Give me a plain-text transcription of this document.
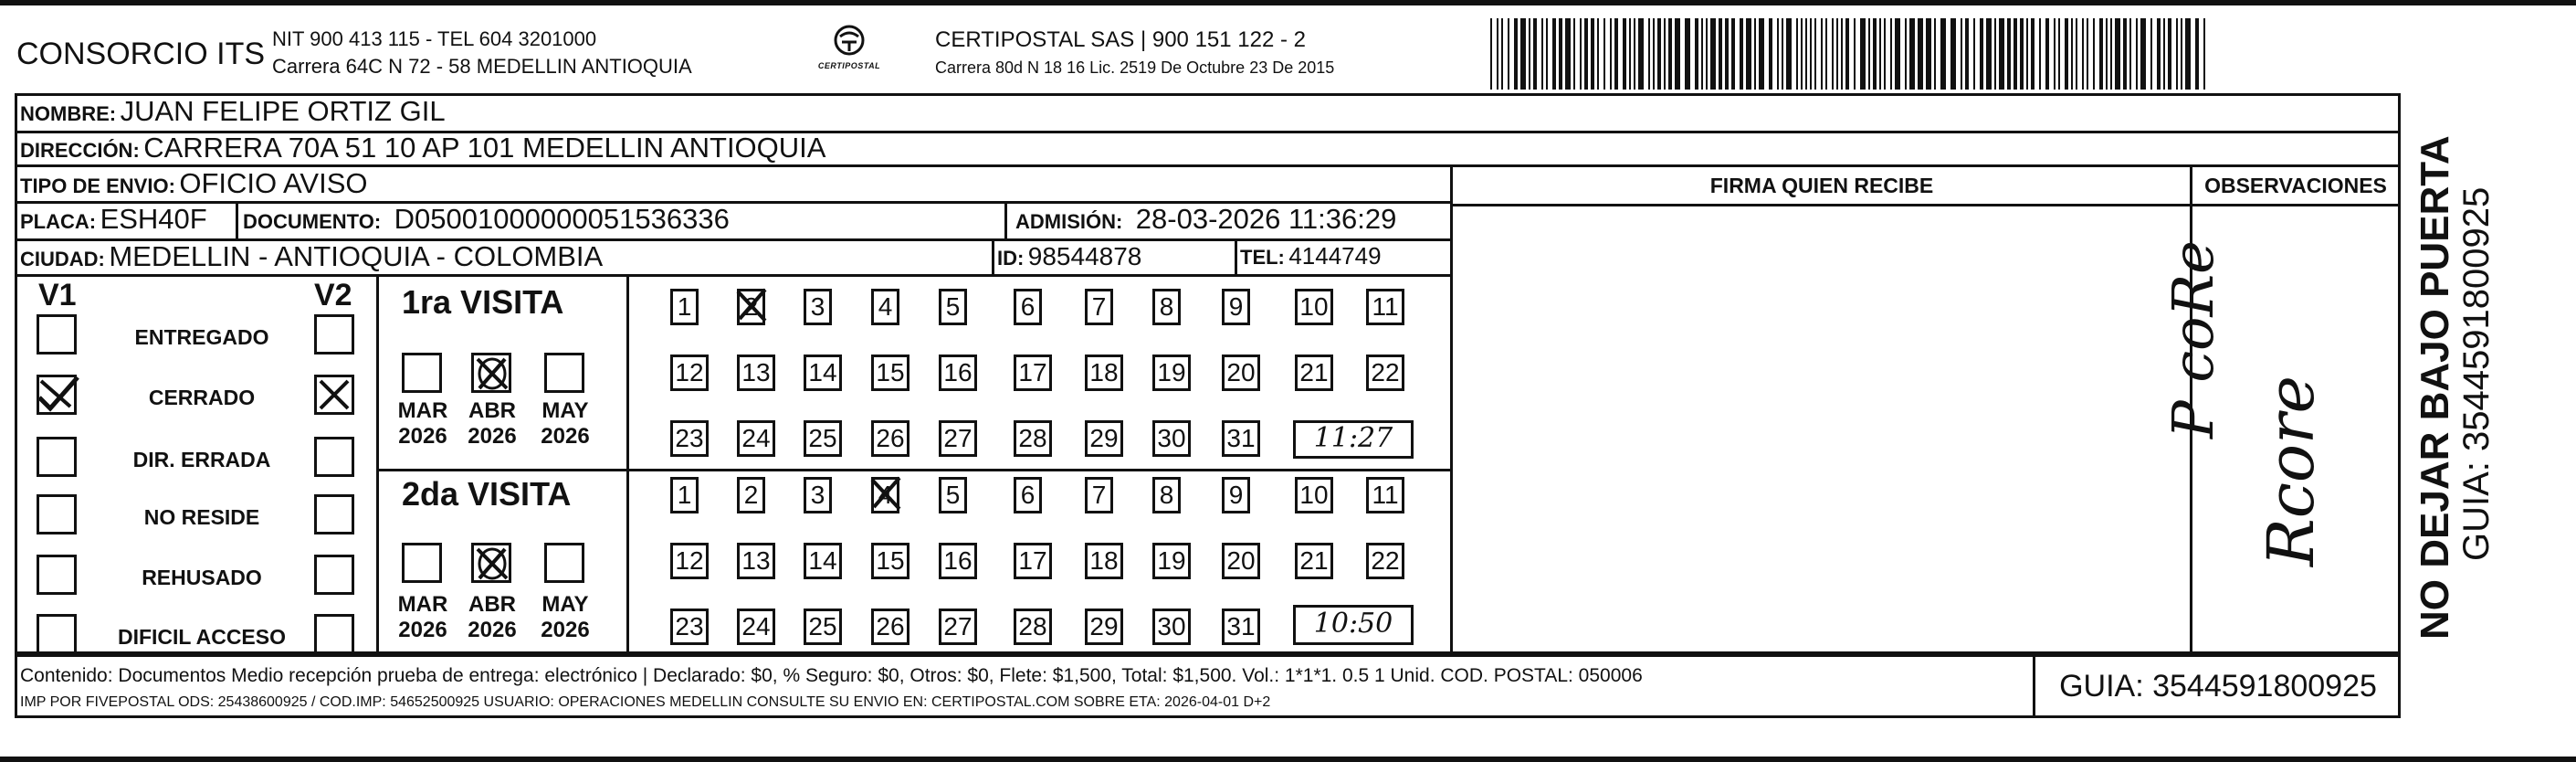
CONSORCIO ITS NIT 900 413 115 - TEL 604 3201000
Carrera 64C N 72 - 58 MEDELLIN ANTIOQUIA	CERTIPOSTAL
CERTIPOSTAL SAS | 900 151 122 - 2
Carrera 80d N 18 16 Lic. 2519 De Octubre 23 De 2015
NOMBRE: JUAN FELIPE ORTIZ GIL
DIRECCIÓN: CARRERA 70A 51 10 AP 101 MEDELLIN ANTIOQUIA
TIPO DE ENVIO: OFICIO AVISO	FIRMA QUIEN RECIBE	OBSERVACIONES
PLACA: ESH40F DOCUMENTO: D05001000000051536336	ADMISIÓN: 28-03-2026 11:36:29
CIUDAD: MEDELLIN - ANTIOQUIA - COLOMBIA	ID: 98544878	TEL: 4144749
V1	V2
ENTREGADO
CERRADO
DIR. ERRADA
NO RESIDE
REHUSADO
DIFICIL ACCESO
1ra VISITA
MAR
2026
ABR
2026
MAY
2026
1 2 3 4 5 6 7 8 9 10 11
12 13 14 15 16 17 18 19 20 21 22
23 24 25 26 27 28 29 30 31	11:27
2da VISITA
MAR
2026
ABR
2026
MAY
2026
1 2 3 4 5 6 7 8 9 10 11
12 13 14 15 16 17 18 19 20 21 22
23 24 25 26 27 28 29 30 31	10:50
P coRe
Rcore
Contenido: Documentos Medio recepción prueba de entrega: electrónico | Declarado: $0, % Seguro: $0, Otros: $0, Flete: $1,500, Total: $1,500. Vol.: 1*1*1. 0.5 1 Unid. COD. POSTAL: 050006
IMP POR FIVEPOSTAL ODS: 25438600925 / COD.IMP: 54652500925 USUARIO: OPERACIONES MEDELLIN CONSULTE SU ENVIO EN: CERTIPOSTAL.COM SOBRE ETA: 2026-04-01 D+2	GUIA: 3544591800925
NO DEJAR BAJO PUERTA GUIA: 3544591800925
